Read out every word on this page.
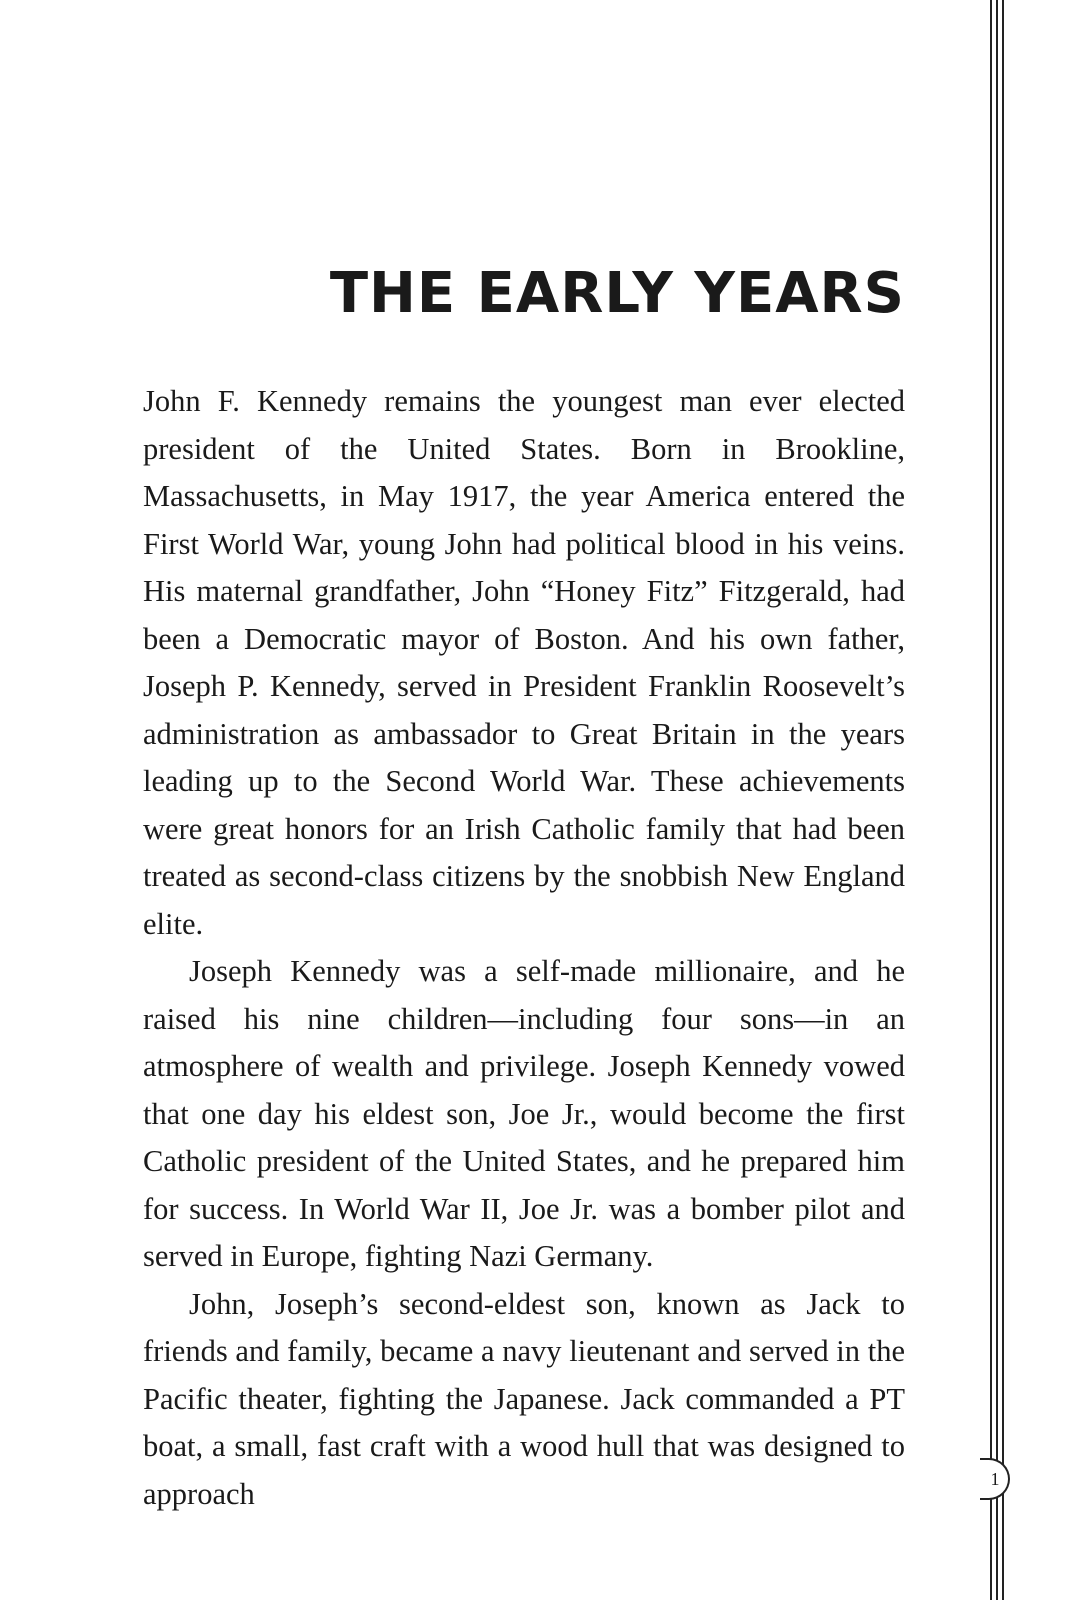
THE EARLY YEARS

John F. Kennedy remains the youngest man ever elected president of the United States. Born in Brookline, Massachusetts, in May 1917, the year America entered the First World War, young John had political blood in his veins. His maternal grandfather, John “Honey Fitz” Fitzgerald, had been a Democratic mayor of Boston. And his own father, Joseph P. Kennedy, served in President Franklin Roosevelt’s administration as ambassador to Great Britain in the years leading up to the Second World War. These achievements were great honors for an Irish Catholic family that had been treated as second-class citizens by the snobbish New England elite.

Joseph Kennedy was a self-made millionaire, and he raised his nine children—including four sons—in an atmosphere of wealth and privilege. Joseph Kennedy vowed that one day his eldest son, Joe Jr., would become the first Catholic president of the United States, and he prepared him for success. In World War II, Joe Jr. was a bomber pilot and served in Europe, fighting Nazi Germany.

John, Joseph’s second-eldest son, known as Jack to friends and family, became a navy lieutenant and served in the Pacific theater, fighting the Japanese. Jack commanded a PT boat, a small, fast craft with a wood hull that was designed to approach	1
